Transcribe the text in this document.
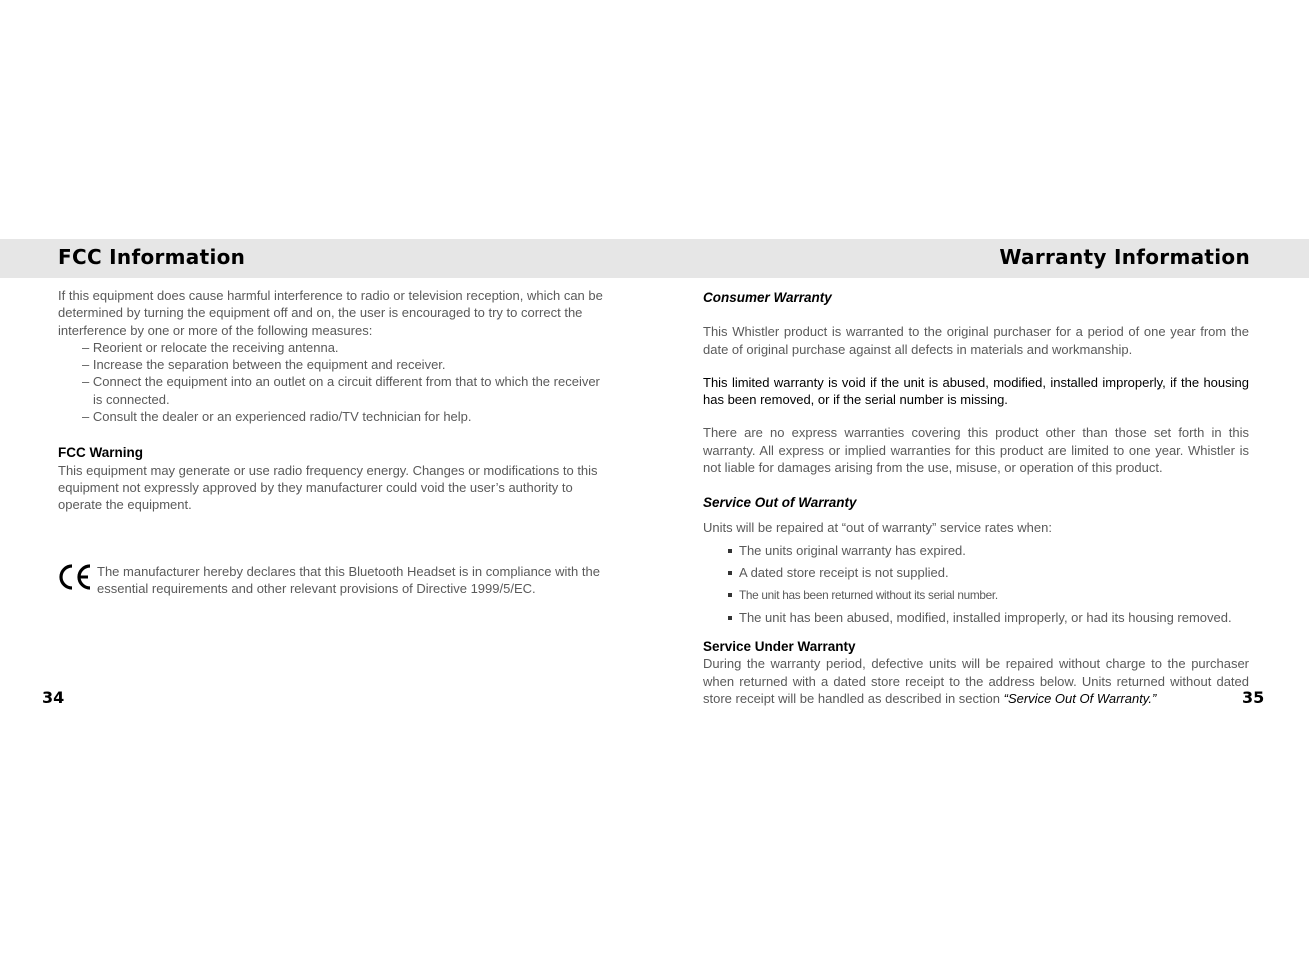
FCC Information	Warranty Information

If this equipment does cause harmful interference to radio or television reception, which can be determined by turning the equipment off and on, the user is encouraged to try to correct the interference by one or more of the following measures:

– Reorient or relocate the receiving antenna.
– Increase the separation between the equipment and receiver.
– Connect the equipment into an outlet on a circuit different from that to which the receiver is connected.
– Consult the dealer or an experienced radio/TV technician for help.

FCC Warning

This equipment may generate or use radio frequency energy. Changes or modifications to this equipment not expressly approved by they manufacturer could void the user’s authority to operate the equipment.

The manufacturer hereby declares that this Bluetooth Headset is in compliance with the essential requirements and other relevant provisions of Directive 1999/5/EC.

34

Consumer Warranty

This Whistler product is warranted to the original purchaser for a period of one year from the date of original purchase against all defects in materials and workmanship.

This limited warranty is void if the unit is abused, modified, installed improperly, if the housing has been removed, or if the serial number is missing.

There are no express warranties covering this product other than those set forth in this warranty. All express or implied warranties for this product are limited to one year. Whistler is not liable for damages arising from the use, misuse, or operation of this product.

Service Out of Warranty

Units will be repaired at “out of warranty” service rates when:

The units original warranty has expired.
A dated store receipt is not supplied.
The unit has been returned without its serial number.
The unit has been abused, modified, installed improperly, or had its housing removed.

Service Under Warranty

During the warranty period, defective units will be repaired without charge to the purchaser when returned with a dated store receipt to the address below. Units returned without dated store receipt will be handled as described in section “Service Out Of Warranty.”	35
